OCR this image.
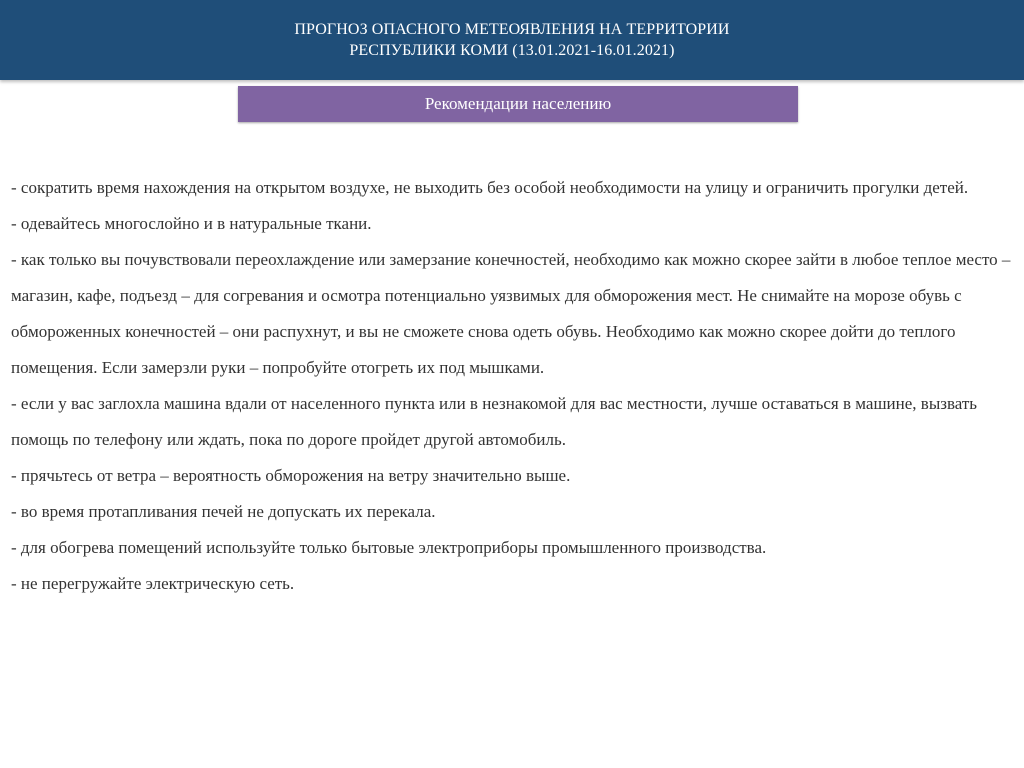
ПРОГНОЗ ОПАСНОГО МЕТЕОЯВЛЕНИЯ НА ТЕРРИТОРИИ
РЕСПУБЛИКИ КОМИ (13.01.2021-16.01.2021)
Рекомендации населению

- сократить время нахождения на открытом воздухе, не выходить без особой необходимости на улицу и ограничить прогулки детей.

- одевайтесь многослойно и в натуральные ткани.

- как только вы почувствовали переохлаждение или замерзание конечностей, необходимо как можно скорее зайти в любое теплое место – магазин, кафе, подъезд – для согревания и осмотра потенциально уязвимых для обморожения мест. Не снимайте на морозе обувь с обмороженных конечностей – они распухнут, и вы не сможете снова одеть обувь. Необходимо как можно скорее дойти до теплого помещения. Если замерзли руки – попробуйте отогреть их под мышками.

- если у вас заглохла машина вдали от населенного пункта или в незнакомой для вас местности, лучше оставаться в машине, вызвать помощь по телефону или ждать, пока по дороге пройдет другой автомобиль.

- прячьтесь от ветра – вероятность обморожения на ветру значительно выше.

- во время протапливания печей не допускать их перекала.

- для обогрева помещений используйте только бытовые электроприборы промышленного производства.

- не перегружайте электрическую сеть.
